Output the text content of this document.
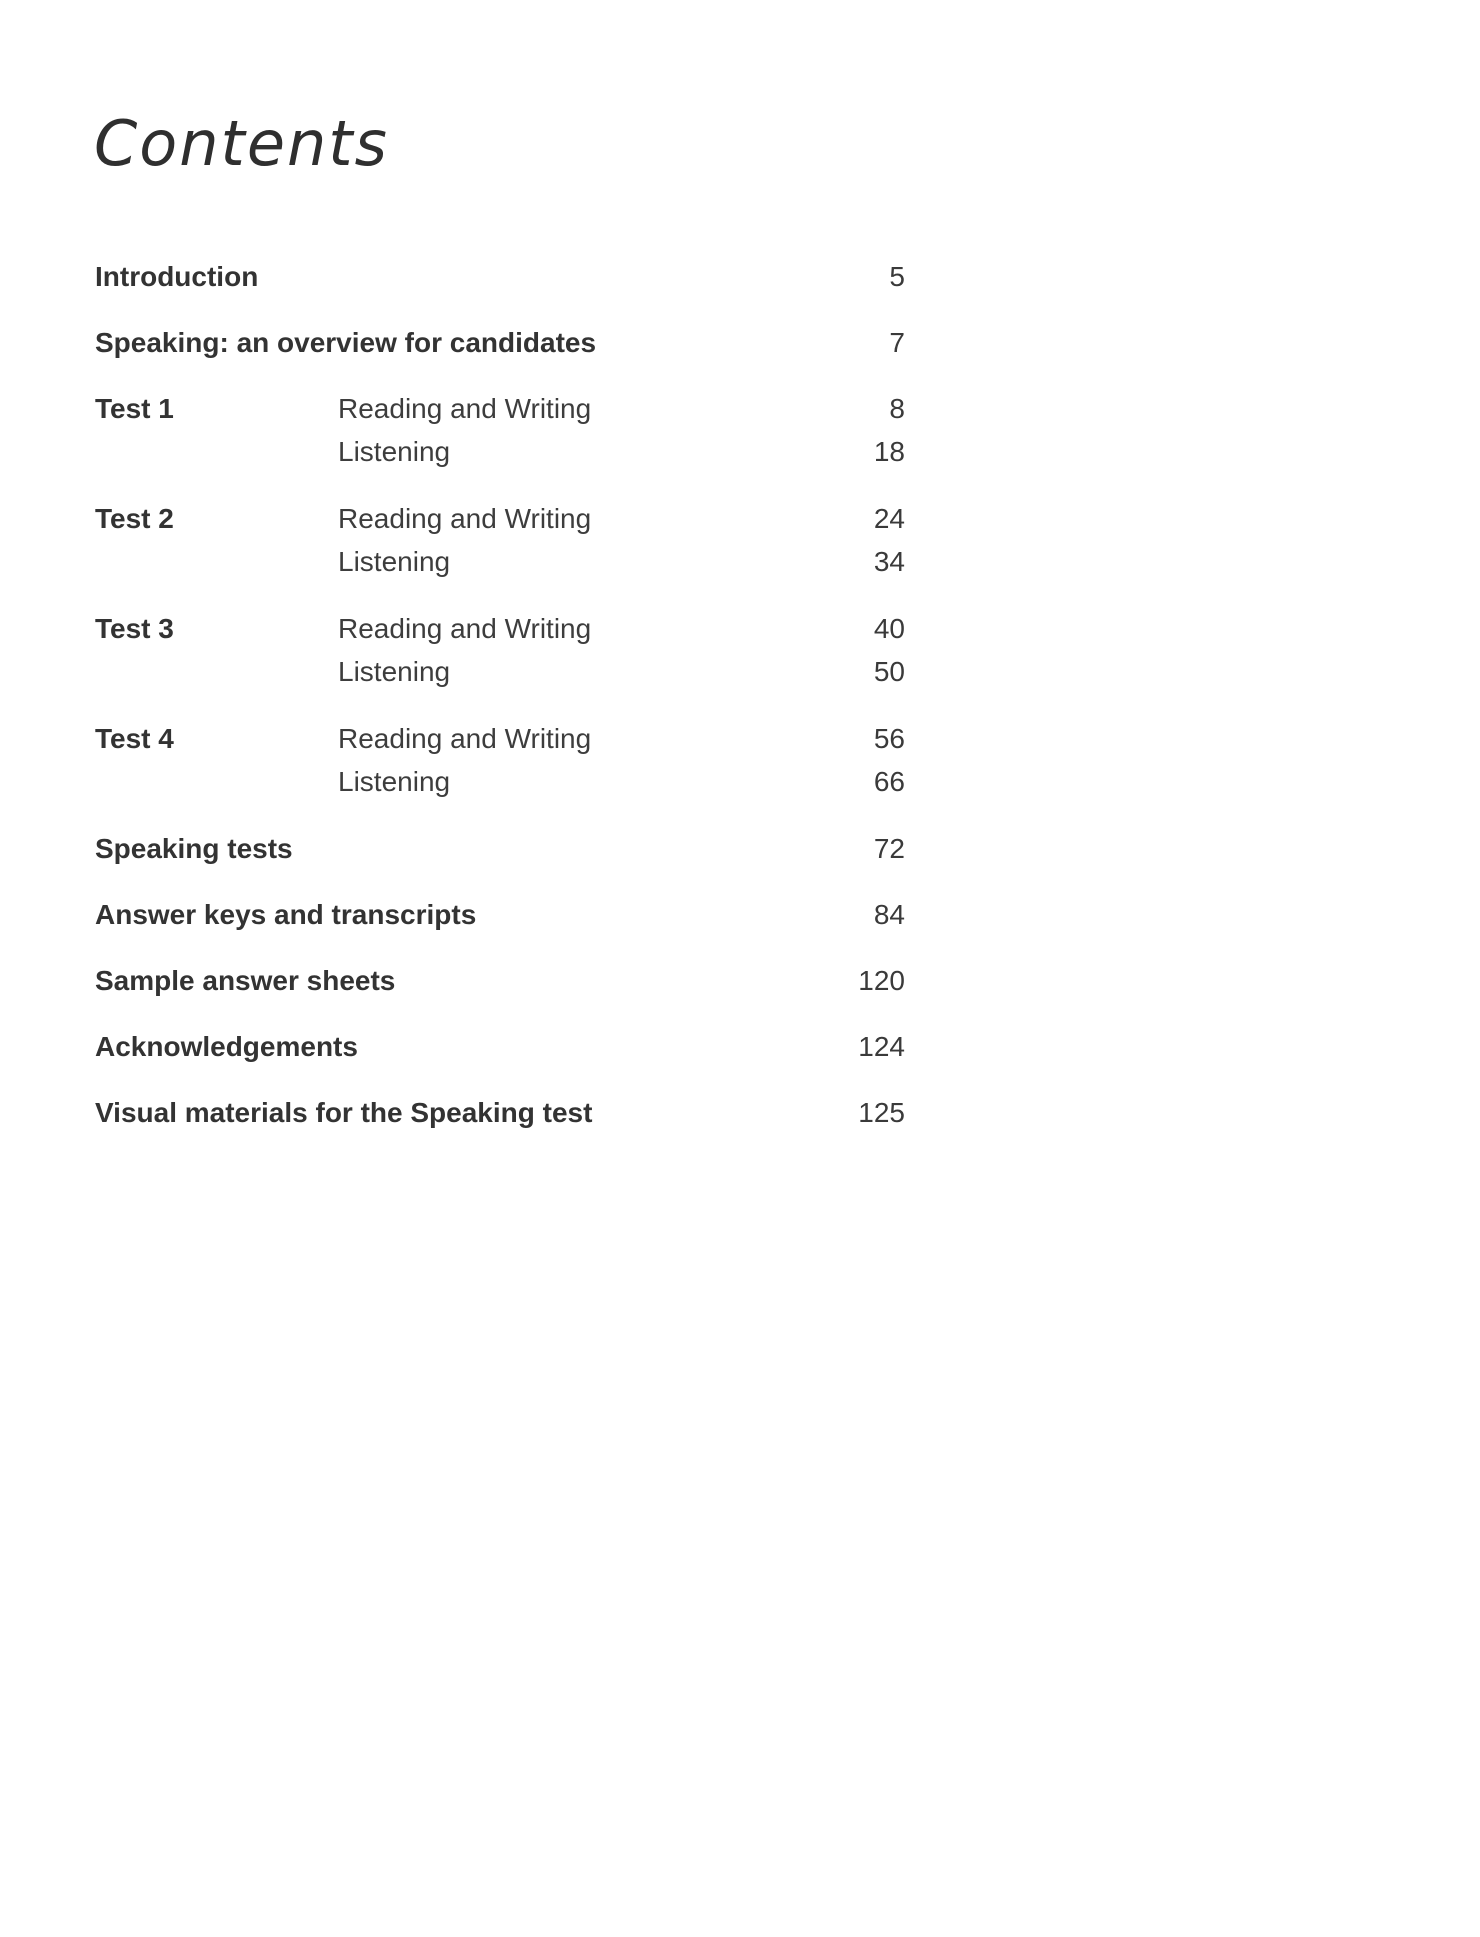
Contents
Introduction	5
Speaking: an overview for candidates	7
Test 1	Reading and Writing	8
Listening	18
Test 2	Reading and Writing	24
Listening	34
Test 3	Reading and Writing	40
Listening	50
Test 4	Reading and Writing	56
Listening	66
Speaking tests	72
Answer keys and transcripts	84
Sample answer sheets	120
Acknowledgements	124
Visual materials for the Speaking test	125
